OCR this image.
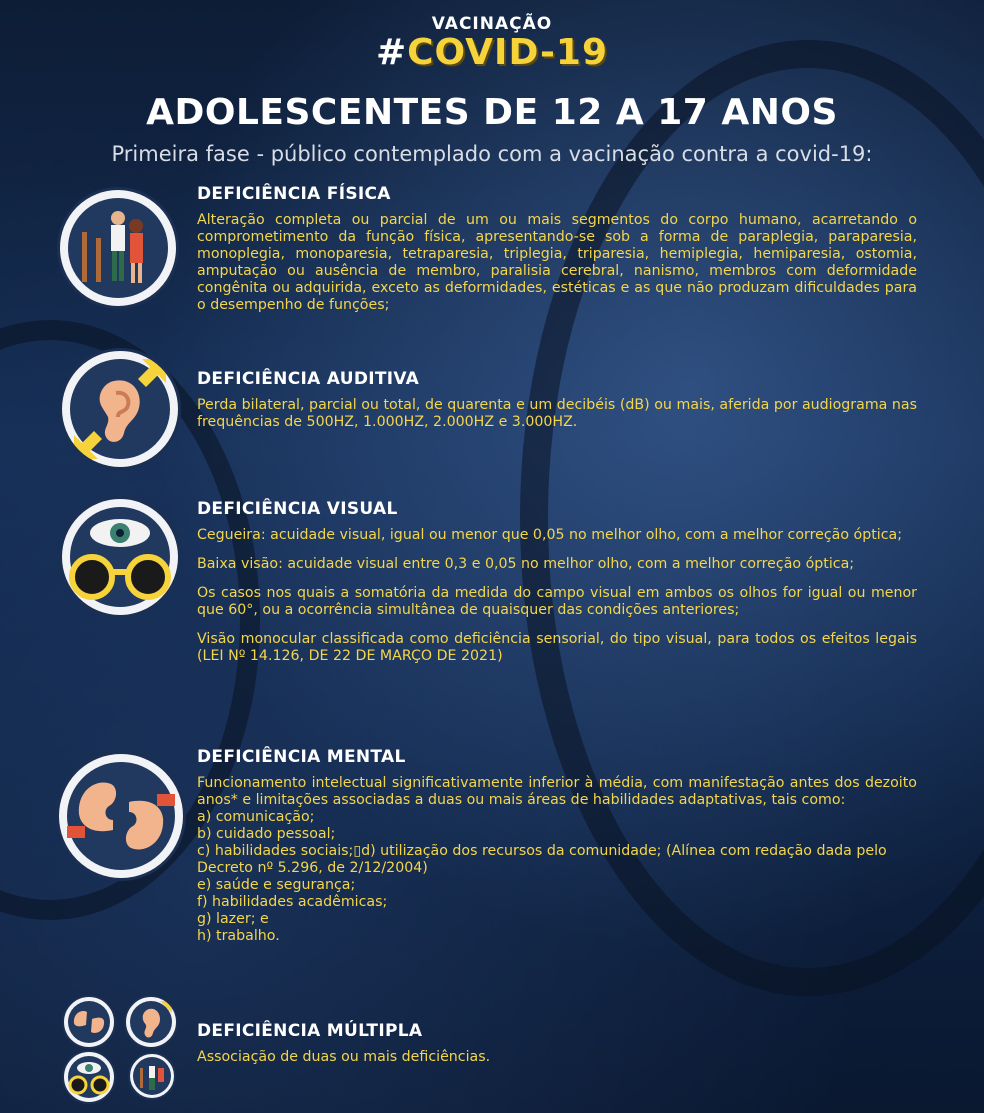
VACINAÇÃO
#COVID-19
ADOLESCENTES DE 12 A 17 ANOS
Primeira fase - público contemplado com a vacinação contra a covid-19:
DEFICIÊNCIA FÍSICA

Alteração completa ou parcial de um ou mais segmentos do corpo humano, acarretando o comprometimento da função física, apresentando-se sob a forma de paraplegia, paraparesia, monoplegia, monoparesia, tetraparesia, triplegia, triparesia, hemiplegia, hemiparesia, ostomia, amputação ou ausência de membro, paralisia cerebral, nanismo, membros com deformidade congênita ou adquirida, exceto as deformidades, estéticas e as que não produzam dificuldades para o desempenho de funções;

DEFICIÊNCIA AUDITIVA

Perda bilateral, parcial ou total, de quarenta e um decibéis (dB) ou mais, aferida por audiograma nas frequências de 500HZ, 1.000HZ, 2.000HZ e 3.000HZ.

DEFICIÊNCIA VISUAL

Cegueira: acuidade visual, igual ou menor que 0,05 no melhor olho, com a melhor correção óptica;

Baixa visão: acuidade visual entre 0,3 e 0,05 no melhor olho, com a melhor correção óptica;

Os casos nos quais a somatória da medida do campo visual em ambos os olhos for igual ou menor que 60°, ou a ocorrência simultânea de quaisquer das condições anteriores;

Visão monocular classificada como deficiência sensorial, do tipo visual, para todos os efeitos legais (LEI Nº 14.126, DE 22 DE MARÇO DE 2021)

DEFICIÊNCIA MENTAL

Funcionamento intelectual significativamente inferior à média, com manifestação antes dos dezoito anos* e limitações associadas a duas ou mais áreas de habilidades adaptativas, tais como:

a) comunicação;
b) cuidado pessoal;
c) habilidades sociais;▯d) utilização dos recursos da comunidade; (Alínea com redação dada pelo Decreto nº 5.296, de 2/12/2004)
e) saúde e segurança;
f) habilidades acadêmicas;
g) lazer; e
h) trabalho.
DEFICIÊNCIA MÚLTIPLA

Associação de duas ou mais deficiências.
